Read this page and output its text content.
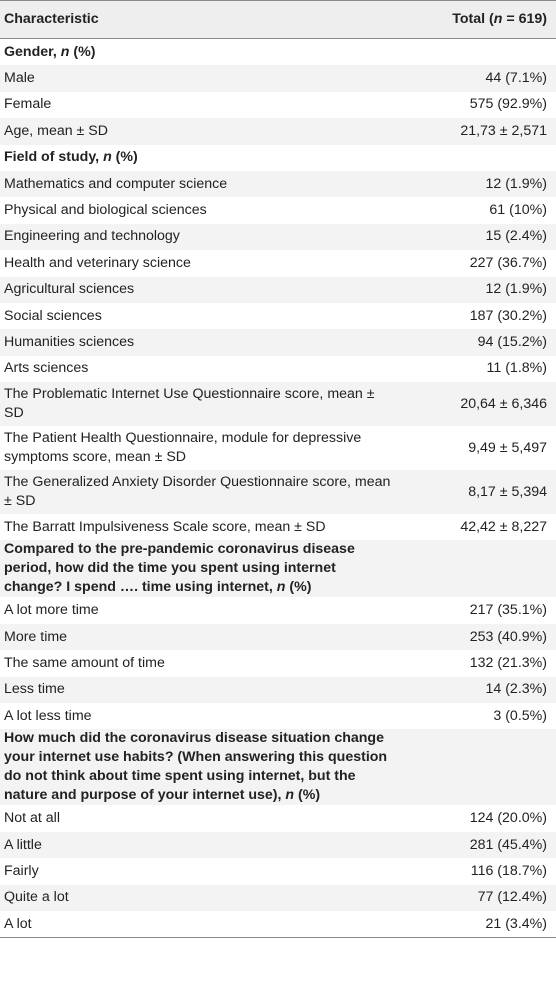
Characteristic	Total (n = 619)
Gender, n (%)	
Male	44 (7.1%)
Female	575 (92.9%)
Age, mean ± SD	21,73 ± 2,571
Field of study, n (%)	
Mathematics and computer science	12 (1.9%)
Physical and biological sciences	61 (10%)
Engineering and technology	15 (2.4%)
Health and veterinary science	227 (36.7%)
Agricultural sciences	12 (1.9%)
Social sciences	187 (30.2%)
Humanities sciences	94 (15.2%)
Arts sciences	11 (1.8%)
The Problematic Internet Use Questionnaire score, mean ± SD	20,64 ± 6,346
The Patient Health Questionnaire, module for depressive symptoms score, mean ± SD	9,49 ± 5,497
The Generalized Anxiety Disorder Questionnaire score, mean ± SD	8,17 ± 5,394
The Barratt Impulsiveness Scale score, mean ± SD	42,42 ± 8,227
Compared to the pre-pandemic coronavirus disease period, how did the time you spent using internet change? I spend …. time using internet, n (%)	
A lot more time	217 (35.1%)
More time	253 (40.9%)
The same amount of time	132 (21.3%)
Less time	14 (2.3%)
A lot less time	3 (0.5%)
How much did the coronavirus disease situation change your internet use habits? (When answering this question do not think about time spent using internet, but the nature and purpose of your internet use), n (%)	
Not at all	124 (20.0%)
A little	281 (45.4%)
Fairly	116 (18.7%)
Quite a lot	77 (12.4%)
A lot	21 (3.4%)
